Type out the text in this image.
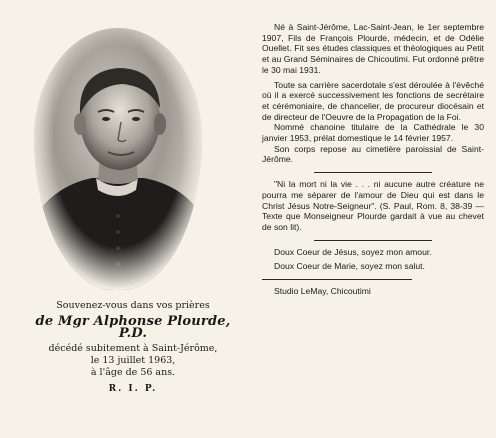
Souvenez-vous dans vos prières
de Mgr Alphonse Plourde, P.D.
décédé subitement à Saint-Jérôme,
le 13 juillet 1963,
à l'âge de 56 ans.
R. I. P.

Né à Saint-Jérôme, Lac-Saint-Jean, le 1er septembre 1907, Fils de François Plourde, médecin, et de Odélie Ouellet. Fit ses études classiques et théologiques au Petit et au Grand Séminaires de Chicoutimi. Fut ordonné prêtre le 30 mai 1931.

Toute sa carrière sacerdotale s'est déroulée à l'évêché où il a exercé successivement les fonctions de secrétaire et cérémoniaire, de chancelier, de procureur diocésain et de directeur de l'Oeuvre de la Propagation de la Foi.

Nommé chanoine titulaire de la Cathédrale le 30 janvier 1953, prélat domestique le 14 février 1957.

Son corps repose au cimetière paroissial de Saint-Jérôme.

"Ni la mort ni la vie . . . ni aucune autre créature ne pourra me séparer de l'amour de Dieu qui est dans le Christ Jésus Notre-Seigneur". (S. Paul, Rom. 8, 38-39 — Texte que Monseigneur Plourde gardait à vue au chevet de son lit).

Doux Coeur de Jésus, soyez mon amour.

Doux Coeur de Marie, soyez mon salut.

Studio LeMay, Chicoutimi
